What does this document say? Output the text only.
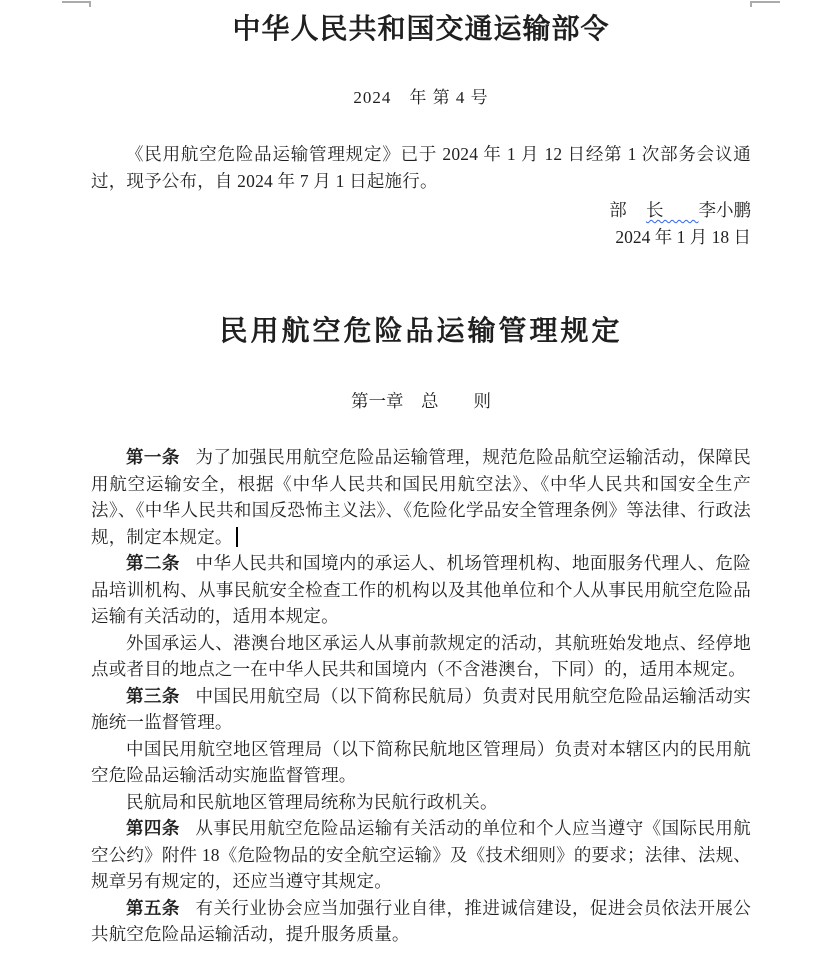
中华人民共和国交通运输部令
2024　年 第 4 号
《民用航空危险品运输管理规定》已于 2024 年 1 月 12 日经第 1 次部务会议通过，现予公布，自 2024 年 7 月 1 日起施行。
部 长　　李小鹏
2024 年 1 月 18 日
民用航空危险品运输管理规定
第一章　总　　则
第一条 为了加强民用航空危险品运输管理，规范危险品航空运输活动，保障民用航空运输安全，根据《中华人民共和国民用航空法》、《中华人民共和国安全生产法》、《中华人民共和国反恐怖主义法》、《危险化学品安全管理条例》等法律、行政法规，制定本规定。
第二条 中华人民共和国境内的承运人、机场管理机构、地面服务代理人、危险品培训机构、从事民航安全检查工作的机构以及其他单位和个人从事民用航空危险品运输有关活动的，适用本规定。
外国承运人、港澳台地区承运人从事前款规定的活动，其航班始发地点、经停地点或者目的地点之一在中华人民共和国境内（不含港澳台，下同）的，适用本规定。
第三条 中国民用航空局（以下简称民航局）负责对民用航空危险品运输活动实施统一监督管理。
中国民用航空地区管理局（以下简称民航地区管理局）负责对本辖区内的民用航空危险品运输活动实施监督管理。
民航局和民航地区管理局统称为民航行政机关。
第四条 从事民用航空危险品运输有关活动的单位和个人应当遵守《国际民用航空公约》附件 18《危险物品的安全航空运输》及《技术细则》的要求；法律、法规、规章另有规定的，还应当遵守其规定。
第五条 有关行业协会应当加强行业自律，推进诚信建设，促进会员依法开展公共航空危险品运输活动，提升服务质量。
